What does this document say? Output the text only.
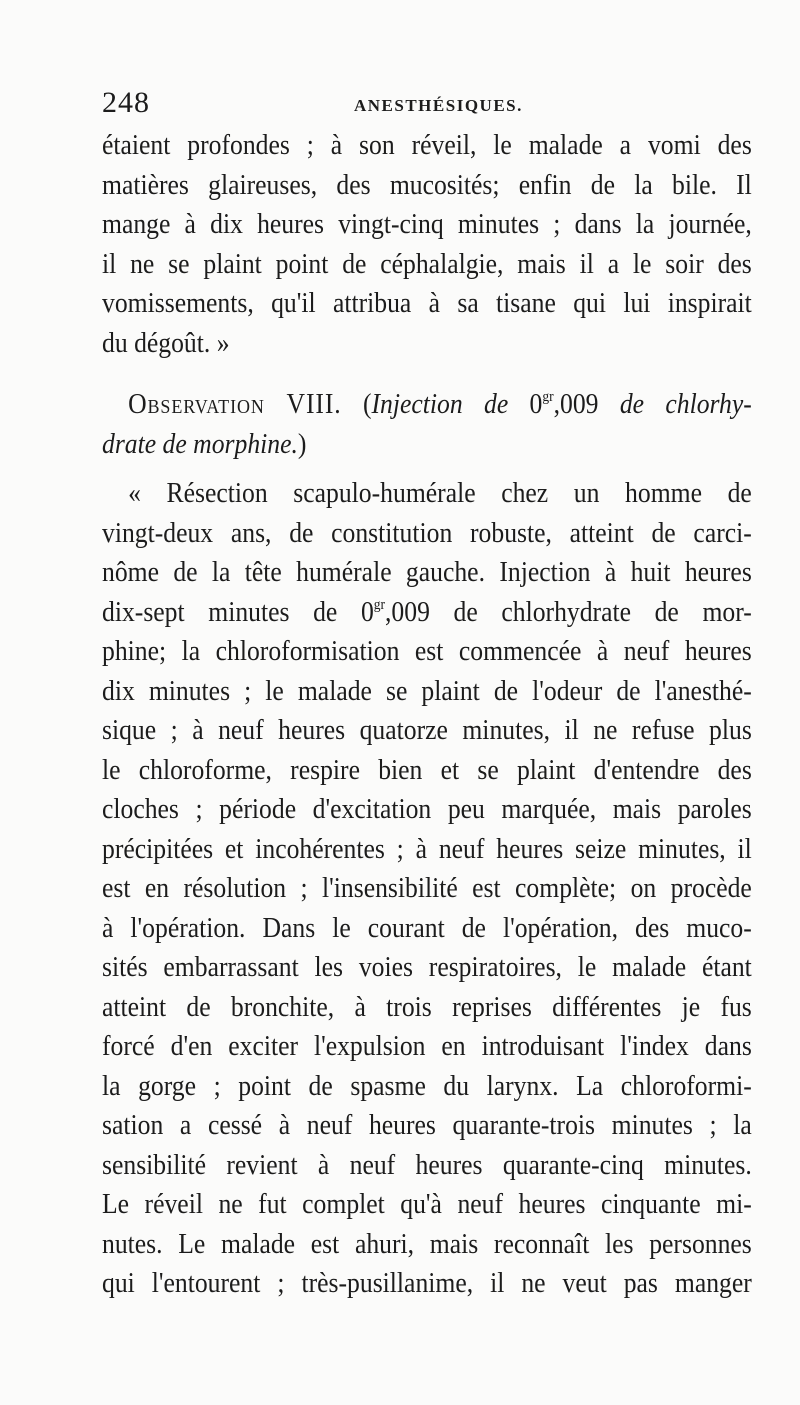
248	ANESTHÉSIQUES.
étaient profondes ; à son réveil, le malade a vomi des
matières glaireuses, des mucosités; enfin de la bile. Il
mange à dix heures vingt-cinq minutes ; dans la journée,
il ne se plaint point de céphalalgie, mais il a le soir des
vomissements, qu'il attribua à sa tisane qui lui inspirait
du dégoût. »
Observation VIII. (Injection de $0^{gr},009$ de chlorhy-
drate de morphine.)
« Résection scapulo-humérale chez un homme de
vingt-deux ans, de constitution robuste, atteint de carci-
nôme de la tête humérale gauche. Injection à huit heures
dix-sept minutes de $0^{gr},009$ de chlorhydrate de mor-
phine; la chloroformisation est commencée à neuf heures
dix minutes ; le malade se plaint de l'odeur de l'anesthé-
sique ; à neuf heures quatorze minutes, il ne refuse plus
le chloroforme, respire bien et se plaint d'entendre des
cloches ; période d'excitation peu marquée, mais paroles
précipitées et incohérentes ; à neuf heures seize minutes, il
est en résolution ; l'insensibilité est complète; on procède
à l'opération. Dans le courant de l'opération, des muco-
sités embarrassant les voies respiratoires, le malade étant
atteint de bronchite, à trois reprises différentes je fus
forcé d'en exciter l'expulsion en introduisant l'index dans
la gorge ; point de spasme du larynx. La chloroformi-
sation a cessé à neuf heures quarante-trois minutes ; la
sensibilité revient à neuf heures quarante-cinq minutes.
Le réveil ne fut complet qu'à neuf heures cinquante mi-
nutes. Le malade est ahuri, mais reconnaît les personnes
qui l'entourent ; très-pusillanime, il ne veut pas manger
